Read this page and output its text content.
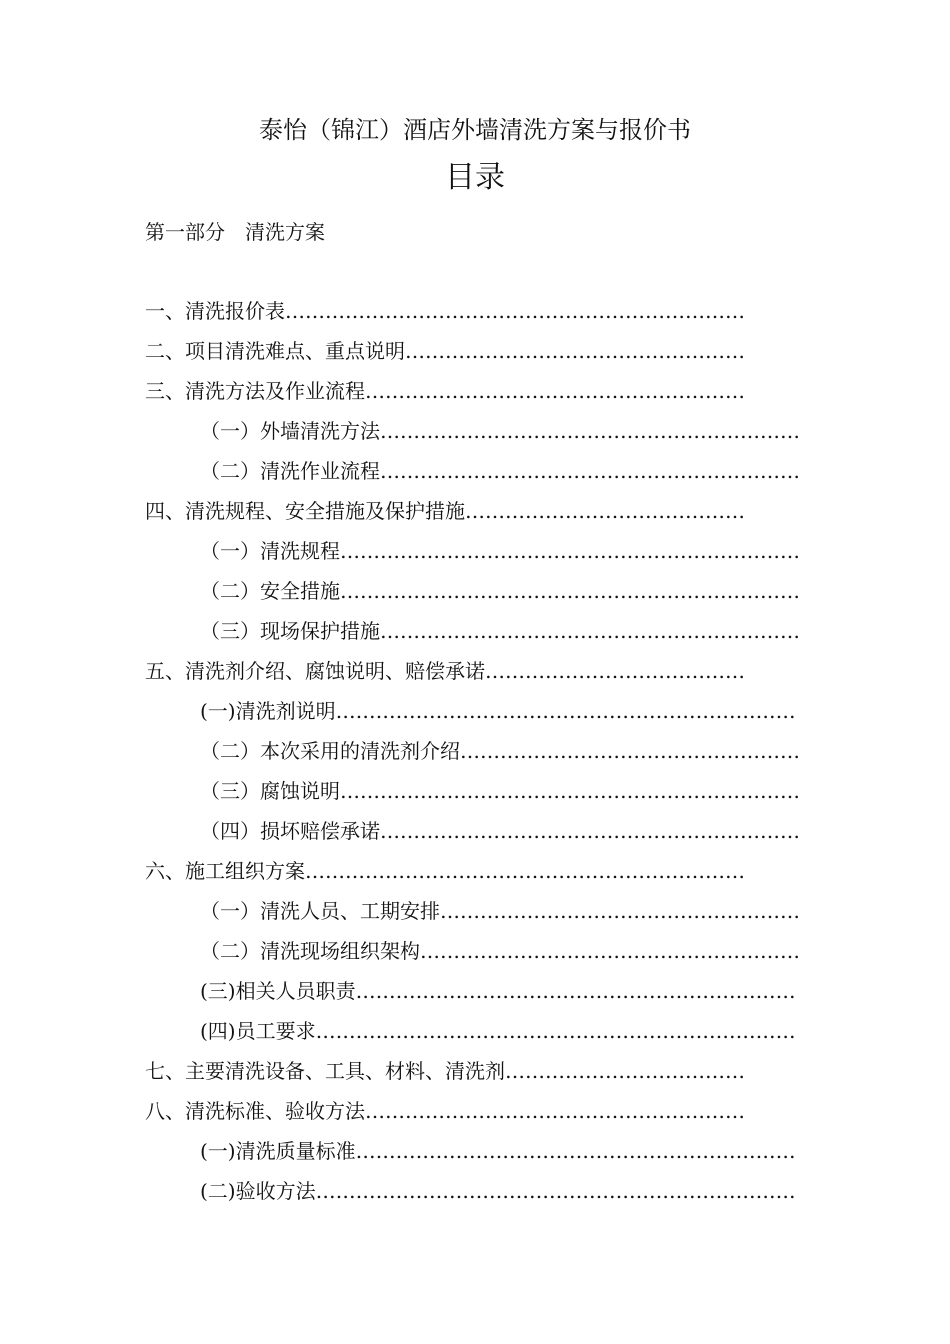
泰怡（锦江）酒店外墙清洗方案与报价书
目录
第一部分　清洗方案
一、清洗报价表……………………………………………………………
二、项目清洗难点、重点说明……………………………………………
三、清洗方法及作业流程…………………………………………………
（一）外墙清洗方法………………………………………………………
（二）清洗作业流程………………………………………………………
四、清洗规程、安全措施及保护措施……………………………………
（一）清洗规程……………………………………………………………
（二）安全措施……………………………………………………………
（三）现场保护措施………………………………………………………
五、清洗剂介绍、腐蚀说明、赔偿承诺…………………………………
(一)清洗剂说明……………………………………………………………
（二）本次采用的清洗剂介绍……………………………………………
（三）腐蚀说明……………………………………………………………
（四）损坏赔偿承诺………………………………………………………
六、施工组织方案…………………………………………………………
（一）清洗人员、工期安排………………………………………………
（二）清洗现场组织架构…………………………………………………
(三)相关人员职责…………………………………………………………
(四)员工要求………………………………………………………………
七、主要清洗设备、工具、材料、清洗剂………………………………
八、清洗标准、验收方法…………………………………………………
(一)清洗质量标准…………………………………………………………
(二)验收方法………………………………………………………………
